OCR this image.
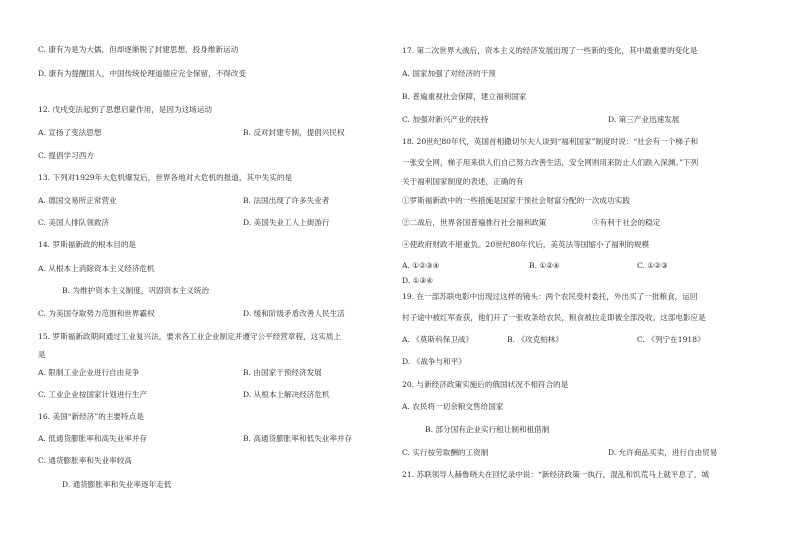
C. 康有为是为大儒，但却逐渐脱了封建思想，投身维新运动
D. 康有为提醒国人，中国传统伦理道德应完全保留，不得改变
12. 戊戌变法起到了思想启蒙作用，是因为这场运动
A. 宣扬了变法思想	B. 反对封建专制，提倡兴民权
C. 提倡学习西方
13. 下列对1929年大危机爆发后，世界各地对大危机的报道，其中失实的是
A. 德国交易所正常营业	B. 法国出现了许多失业者
C. 美国人排队领救济	D. 美国失业工人上街游行
14. 罗斯福新政的根本目的是
A. 从根本上消除资本主义经济危机
B. 为维护资本主义制度，巩固资本主义统治
C. 为美国夺取势力范围和世界霸权	D. 缓和阶级矛盾改善人民生活
15. 罗斯福新政期间通过工业复兴法，要求各工业企业制定并遵守公平经营章程，这实质上
是
A. 限制工业企业进行自由竞争	B. 由国家干预经济发展
C. 工业企业按国家计划进行生产	D. 从根本上解决经济危机
16. 美国“新经济”的主要特点是
A. 低通货膨胀率和高失业率并存	B. 高通货膨胀率和低失业率并存
C. 通货膨胀率和失业率较高
D. 通货膨胀率和失业率逐年走低
17. 第二次世界大战后，资本主义的经济发展出现了一些新的变化，其中最重要的变化是
A. 国家加强了对经济的干预
B. 普遍重视社会保障，建立福利国家
C. 加强对新兴产业的扶持	D. 第三产业迅速发展
18. 20世纪80年代，英国首相撒切尔夫人谈到“福利国家”制度时说：“社会有一个梯子和
一张安全网，梯子用来供人们自己努力改善生活，安全网则用来防止人们跌入深渊。”下列
关于福利国家制度的表述，正确的有
①罗斯福新政中的一些措施是国家干预社会财富分配的一次成功实践
②二战后，世界各国普遍推行社会福利政策	③有利于社会的稳定
④使政府财政不堪重负。20世纪80年代后，美英法等国缩小了福利的规模
A. ①②③④	B. ①②④	C. ①②③
D. ①③④
19. 在一部苏联电影中出现过这样的镜头：两个农民受村委托，外出买了一批粮食，运回
村子途中被红军查获，他们开了一张收条给农民，粮食被拉走即被全部没收。这部电影应是
A. 《莫斯科保卫战》	B. 《攻克柏林》	C. 《列宁在1918》
D. 《战争与和平》
20. 与新经济政策实施后的俄国状况不相符合的是
A. 农民将一切余粮交售给国家
B. 部分国有企业实行租让制和租借制
C. 实行按劳取酬的工资制	D. 允许商品买卖，进行自由贸易
21. 苏联领导人赫鲁晓夫在回忆录中说：“新经济政策一执行，混乱和饥荒马上就平息了，城
